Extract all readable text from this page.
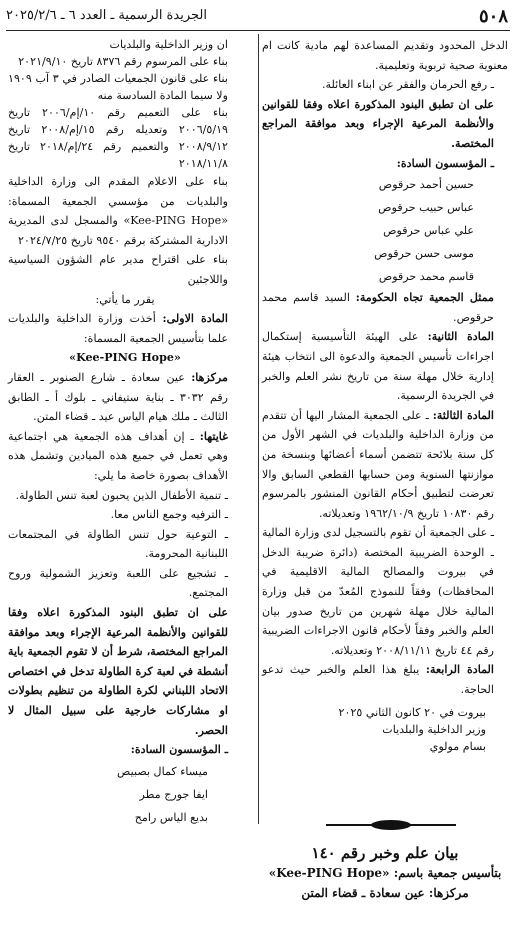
٥٠٨
الجريدة الرسمية ـ العدد ٦ ـ ٢٠٢٥/٢/٦

الدخل المحدود وتقديم المساعدة لهم مادية كانت ام معنوية صحية تربوية وتعليمية.

ـ رفع الحرمان والفقر عن ابناء العائلة.

على ان تطبق البنود المذكورة اعلاه وفقا للقوانين والأنظمة المرعية الإجراء وبعد موافقة المراجع المختصة.

ـ المؤسسون السادة:

حسين أحمد حرقوص
عباس حبيب حرقوص
علي عباس حرقوص
موسى حسن حرقوص
قاسم محمد حرقوص

ممثل الجمعية تجاه الحكومة: السيد قاسم محمد حرقوص.

المادة الثانية: على الهيئة التأسيسية إستكمال اجراءات تأسيس الجمعية والدعوة الى انتخاب هيئة إدارية خلال مهلة سنة من تاريخ نشر العلم والخبر في الجريدة الرسمية.

المادة الثالثة: ـ على الجمعية المشار اليها أن تتقدم من وزارة الداخلية والبلديات في الشهر الأول من كل سنة بلائحة تتضمن أسماء أعضائها وبنسخة من موازنتها السنوية ومن حسابها القطعي السابق والا تعرضت لتطبيق أحكام القانون المنشور بالمرسوم رقم ١٠٨٣٠ تاريخ ١٩٦٢/١٠/٩ وتعديلاته.

ـ على الجمعية أن تقوم بالتسجيل لدى وزارة المالية ـ الوحدة الضريبية المختصة (دائرة ضريبة الدخل في بيروت والمصالح المالية الاقليمية في المحافظات) وفقاً للنموذج المُعدّ من قبل وزارة المالية خلال مهلة شهرين من تاريخ صدور بيان العلم والخبر وفقاً لأحكام قانون الاجراءات الضريبية رقم ٤٤ تاريخ ٢٠٠٨/١١/١١ وتعديلاته.

المادة الرابعة: يبلغ هذا العلم والخبر حيث تدعو الحاجة.

بيروت في ٢٠ كانون الثاني ٢٠٢٥

وزير الداخلية والبلديات

بسام مولوي

بيان علم وخبر رقم ١٤٠

بتأسيس جمعية باسم: «Kee-PING Hope»

مركزها: عين سعادة ـ قضاء المتن

ان وزير الداخلية والبلديات

بناء على المرسوم رقم ٨٣٧٦ تاريخ ٢٠٢١/٩/١٠

بناء على قانون الجمعيات الصادر في ٣ آب ١٩٠٩ ولا سيما المادة السادسة منه

بناء على التعميم رقم ١٠/إم/٢٠٠٦ تاريخ ٢٠٠٦/٥/١٩ وتعديله رقم ١٥/إم/٢٠٠٨ تاريخ ٢٠٠٨/٩/١٢ والتعميم رقم ٢٤/إم/٢٠١٨ تاريخ ٢٠١٨/١١/٨

بناء على الاعلام المقدم الى وزارة الداخلية والبلديات من مؤسسي الجمعية المسماة: «Kee-PING Hope» والمسجل لدى المديرية الادارية المشتركة برقم ٩٥٤٠ تاريخ ٢٠٢٤/٧/٢٥

بناء على اقتراح مدير عام الشؤون السياسية واللاجئين

يقرر ما يأتي:

المادة الاولى: أخذت وزارة الداخلية والبلديات علما بتأسيس الجمعية المسماة:

«Kee-PING Hope»

مركزها: عين سعادة ـ شارع الصنوبر ـ العقار رقم ٣٠٣٢ ـ بناية ستيفاني ـ بلوك أ ـ الطابق الثالث ـ ملك هيام الياس عيد ـ قضاء المتن.

غايتها: ـ إن أهداف هذه الجمعية هي اجتماعية وهي تعمل في جميع هذه الميادين وتشمل هذه الأهداف بصورة خاصة ما يلي:

ـ تنمية الأطفال الذين يحبون لعبة تنس الطاولة.

ـ الترفيه وجمع الناس معا.

ـ التوعية حول تنس الطاولة في المجتمعات اللبنانية المحرومة.

ـ تشجيع على اللعبة وتعزيز الشمولية وروح المجتمع.

على ان تطبق البنود المذكورة اعلاه وفقا للقوانين والأنظمة المرعية الإجراء وبعد موافقة المراجع المختصة، شرط أن لا تقوم الجمعية باية أنشطة في لعبة كرة الطاولة تدخل في اختصاص الاتحاد اللبناني لكرة الطاولة من تنظيم بطولات او مشاركات خارجية على سبيل المثال لا الحصر.

ـ المؤسسون السادة:

ميساء كمال بصبيص
ايفا جورج مطر
بديع الياس رامح
